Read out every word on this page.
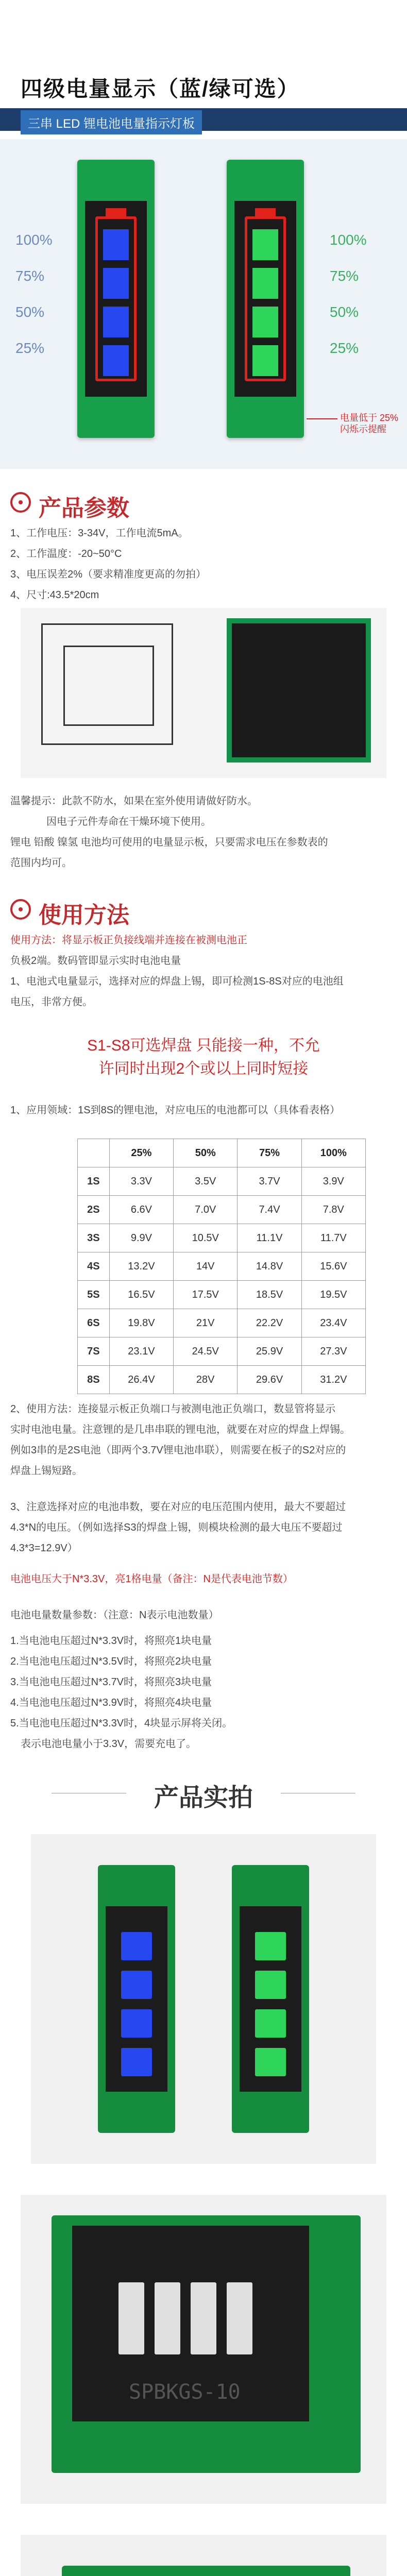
四级电量显示（蓝/绿可选）
三串 LED 锂电池电量指示灯板
100%
75%
50%
25%
100%
75%
50%
25%
电量低于 25% 闪烁示提醒
产品参数
1、工作电压：3-34V，工作电流5mA。
2、工作温度：-20~50°C
3、电压误差2%（要求精准度更高的勿拍）
4、尺寸:43.5*20cm
温馨提示：此款不防水，如果在室外使用请做好防水。
因电子元件寿命在干燥环境下使用。
锂电 铅酸 镍氢 电池均可使用的电量显示板，只要需求电压在参数表的
范围内均可。
使用方法
使用方法：将显示板正负接线端并连接在被测电池正
负极2端。数码管即显示实时电池电量
1、电池式电量显示，选择对应的焊盘上锡，即可检测1S-8S对应的电池组
电压，非常方便。
S1-S8可选焊盘 只能接一种，不允
许同时出现2个或以上同时短接
1、应用领域：1S到8S的锂电池，对应电压的电池都可以（具体看表格）
	25%	50%	75%	100%
1S	3.3V	3.5V	3.7V	3.9V
2S	6.6V	7.0V	7.4V	7.8V
3S	9.9V	10.5V	11.1V	11.7V
4S	13.2V	14V	14.8V	15.6V
5S	16.5V	17.5V	18.5V	19.5V
6S	19.8V	21V	22.2V	23.4V
7S	23.1V	24.5V	25.9V	27.3V
8S	26.4V	28V	29.6V	31.2V
2、使用方法：连接显示板正负端口与被测电池正负端口，数显管将显示
实时电池电量。注意锂的是几串串联的锂电池，就要在对应的焊盘上焊锡。
例如3串的是2S电池（即两个3.7V锂电池串联），则需要在板子的S2对应的
焊盘上锡短路。
3、注意选择对应的电池串数，要在对应的电压范围内使用，最大不要超过
4.3*N的电压。（例如选择S3的焊盘上锡，则模块检测的最大电压不要超过
4.3*3=12.9V）
电池电压大于N*3.3V，亮1格电量（备注：N是代表电池节数）
电池电量数量参数：（注意：N表示电池数量）
1.当电池电压超过N*3.3V时，将照亮1块电量
2.当电池电压超过N*3.5V时，将照亮2块电量
3.当电池电压超过N*3.7V时，将照亮3块电量
4.当电池电压超过N*3.9V时，将照亮4块电量
5.当电池电压超过N*3.3V时，4块显示屏将关闭。
表示电池电量小于3.3V，需要充电了。
产品实拍
SPBKGS-10
